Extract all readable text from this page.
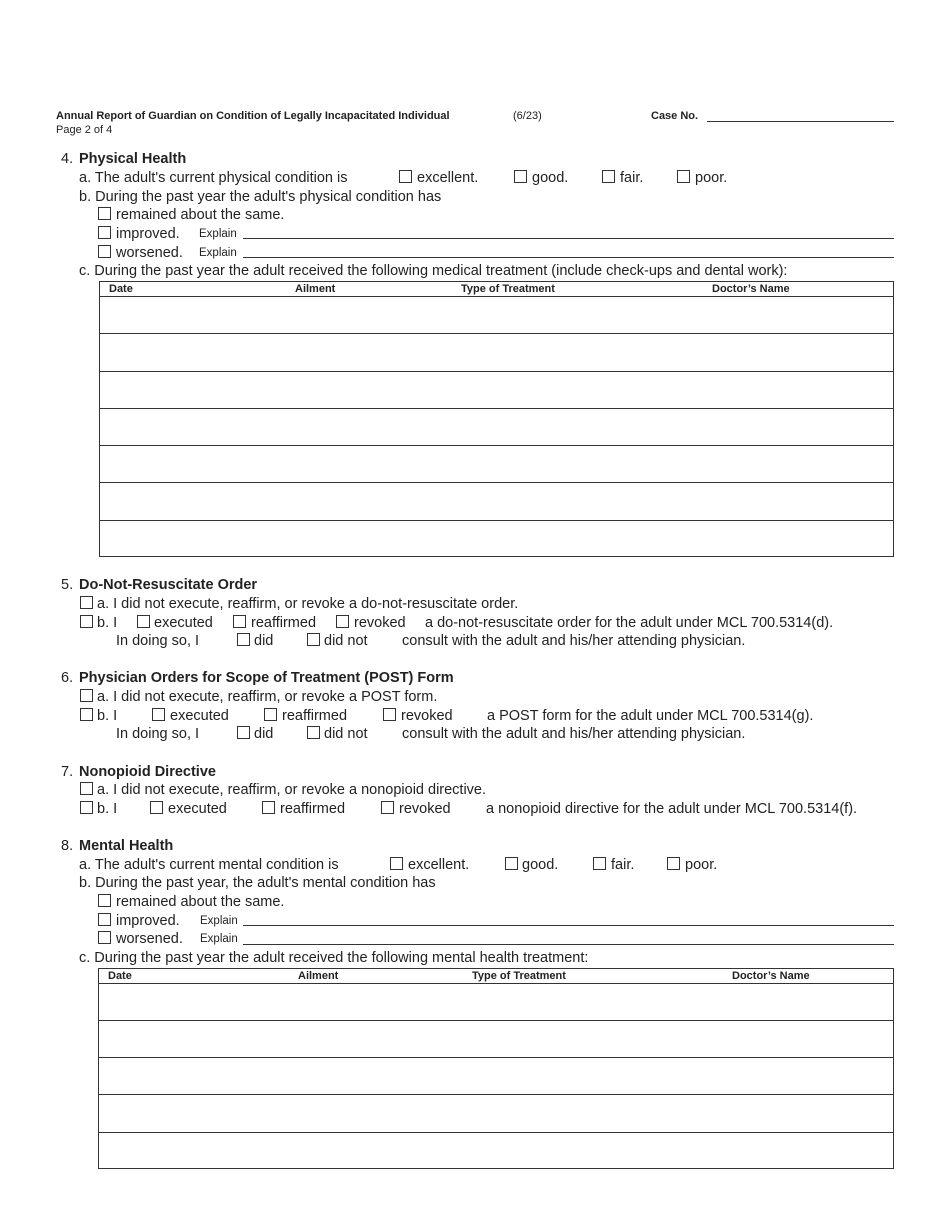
Annual Report of Guardian on Condition of Legally Incapacitated Individual	(6/23)
Page 2 of 4
Case No.
4. Physical Health
a. The adult's current physical condition is	excellent.	good.	fair.	poor.
b. During the past year the adult's physical condition has
remained about the same.
improved. Explain
worsened. Explain
c. During the past year the adult received the following medical treatment (include check-ups and dental work):
Date	Ailment	Type of Treatment	Doctor’s Name
5. Do-Not-Resuscitate Order
a. I did not execute, reaffirm, or revoke a do-not-resuscitate order.
b. I	executed	reaffirmed	revoked a do-not-resuscitate order for the adult under MCL 700.5314(d).
In doing so, I	did	did not consult with the adult and his/her attending physician.
6. Physician Orders for Scope of Treatment (POST) Form
a. I did not execute, reaffirm, or revoke a POST form.
b. I	executed	reaffirmed	revoked a POST form for the adult under MCL 700.5314(g).
In doing so, I	did	did not consult with the adult and his/her attending physician.
7. Nonopioid Directive
a. I did not execute, reaffirm, or revoke a nonopioid directive.
b. I	executed	reaffirmed	revoked a nonopioid directive for the adult under MCL 700.5314(f).
8. Mental Health
a. The adult's current mental condition is	excellent.	good.	fair.	poor.
b. During the past year, the adult's mental condition has
remained about the same.
improved. Explain
worsened. Explain
c. During the past year the adult received the following mental health treatment:
Date	Ailment	Type of Treatment	Doctor’s Name
